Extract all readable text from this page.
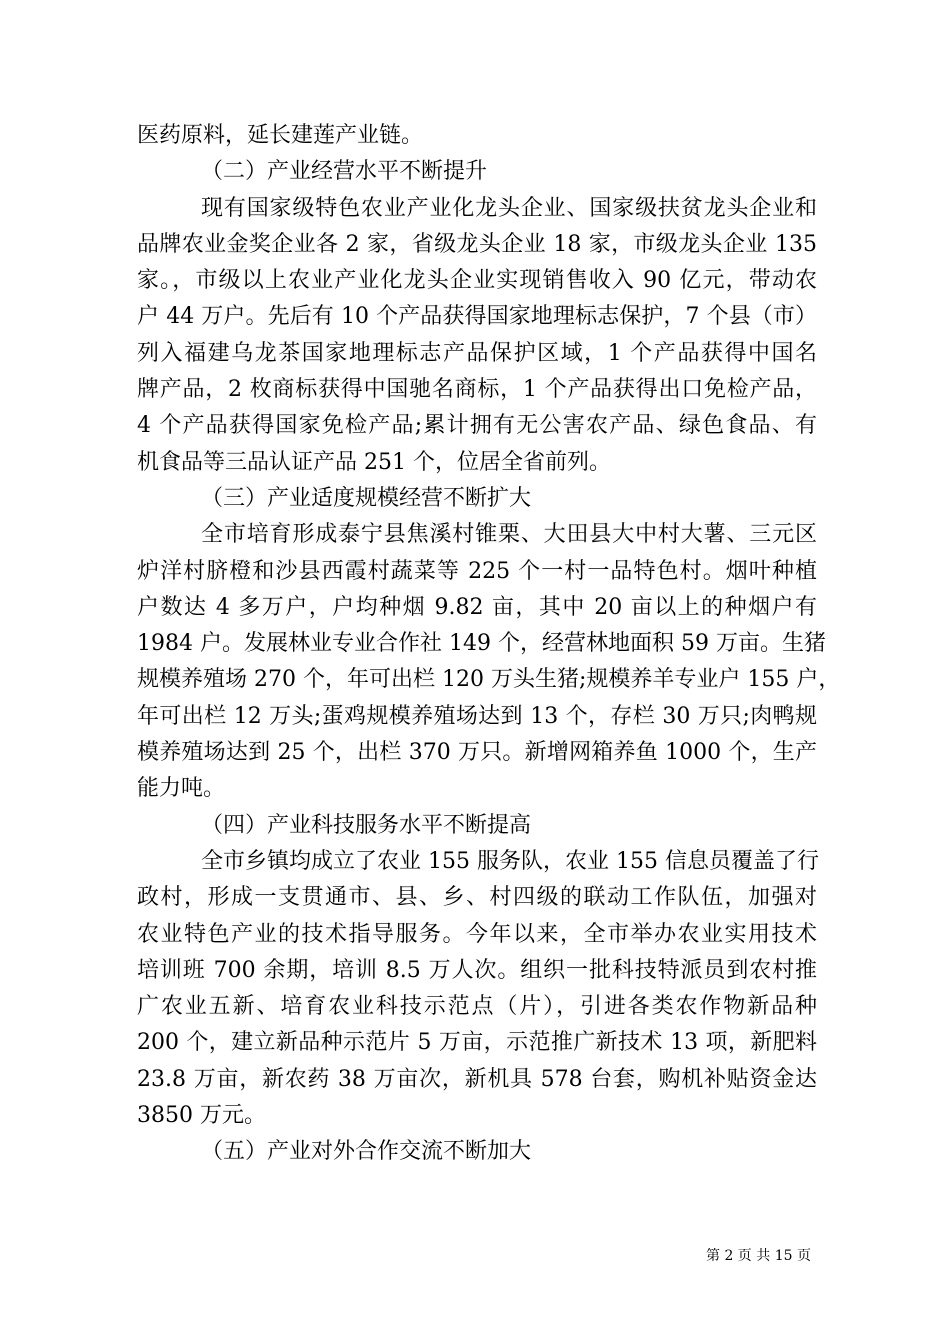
医药原料，延长建莲产业链。
（二）产业经营水平不断提升
现有国家级特色农业产业化龙头企业、国家级扶贫龙头企业和
品牌农业金奖企业各 2 家，省级龙头企业 18 家，市级龙头企业 135
家。，市级以上农业产业化龙头企业实现销售收入 90 亿元，带动农
户 44 万户。先后有 10 个产品获得国家地理标志保护，7 个县（市）
列入福建乌龙茶国家地理标志产品保护区域，1 个产品获得中国名
牌产品，2 枚商标获得中国驰名商标，1 个产品获得出口免检产品，
4 个产品获得国家免检产品;累计拥有无公害农产品、绿色食品、有
机食品等三品认证产品 251 个，位居全省前列。
（三）产业适度规模经营不断扩大
全市培育形成泰宁县焦溪村锥栗、大田县大中村大薯、三元区
炉洋村脐橙和沙县西霞村蔬菜等 225 个一村一品特色村。烟叶种植
户数达 4 多万户，户均种烟 9.82 亩，其中 20 亩以上的种烟户有
1984 户。发展林业专业合作社 149 个，经营林地面积 59 万亩。生猪
规模养殖场 270 个，年可出栏 120 万头生猪;规模养羊专业户 155 户，
年可出栏 12 万头;蛋鸡规模养殖场达到 13 个，存栏 30 万只;肉鸭规
模养殖场达到 25 个，出栏 370 万只。新增网箱养鱼 1000 个，生产
能力吨。
（四）产业科技服务水平不断提高
全市乡镇均成立了农业 155 服务队，农业 155 信息员覆盖了行
政村，形成一支贯通市、县、乡、村四级的联动工作队伍，加强对
农业特色产业的技术指导服务。今年以来，全市举办农业实用技术
培训班 700 余期，培训 8.5 万人次。组织一批科技特派员到农村推
广农业五新、培育农业科技示范点（片），引进各类农作物新品种
200 个，建立新品种示范片 5 万亩，示范推广新技术 13 项，新肥料
23.8 万亩，新农药 38 万亩次，新机具 578 台套，购机补贴资金达
3850 万元。
（五）产业对外合作交流不断加大
第 2 页 共 15 页
